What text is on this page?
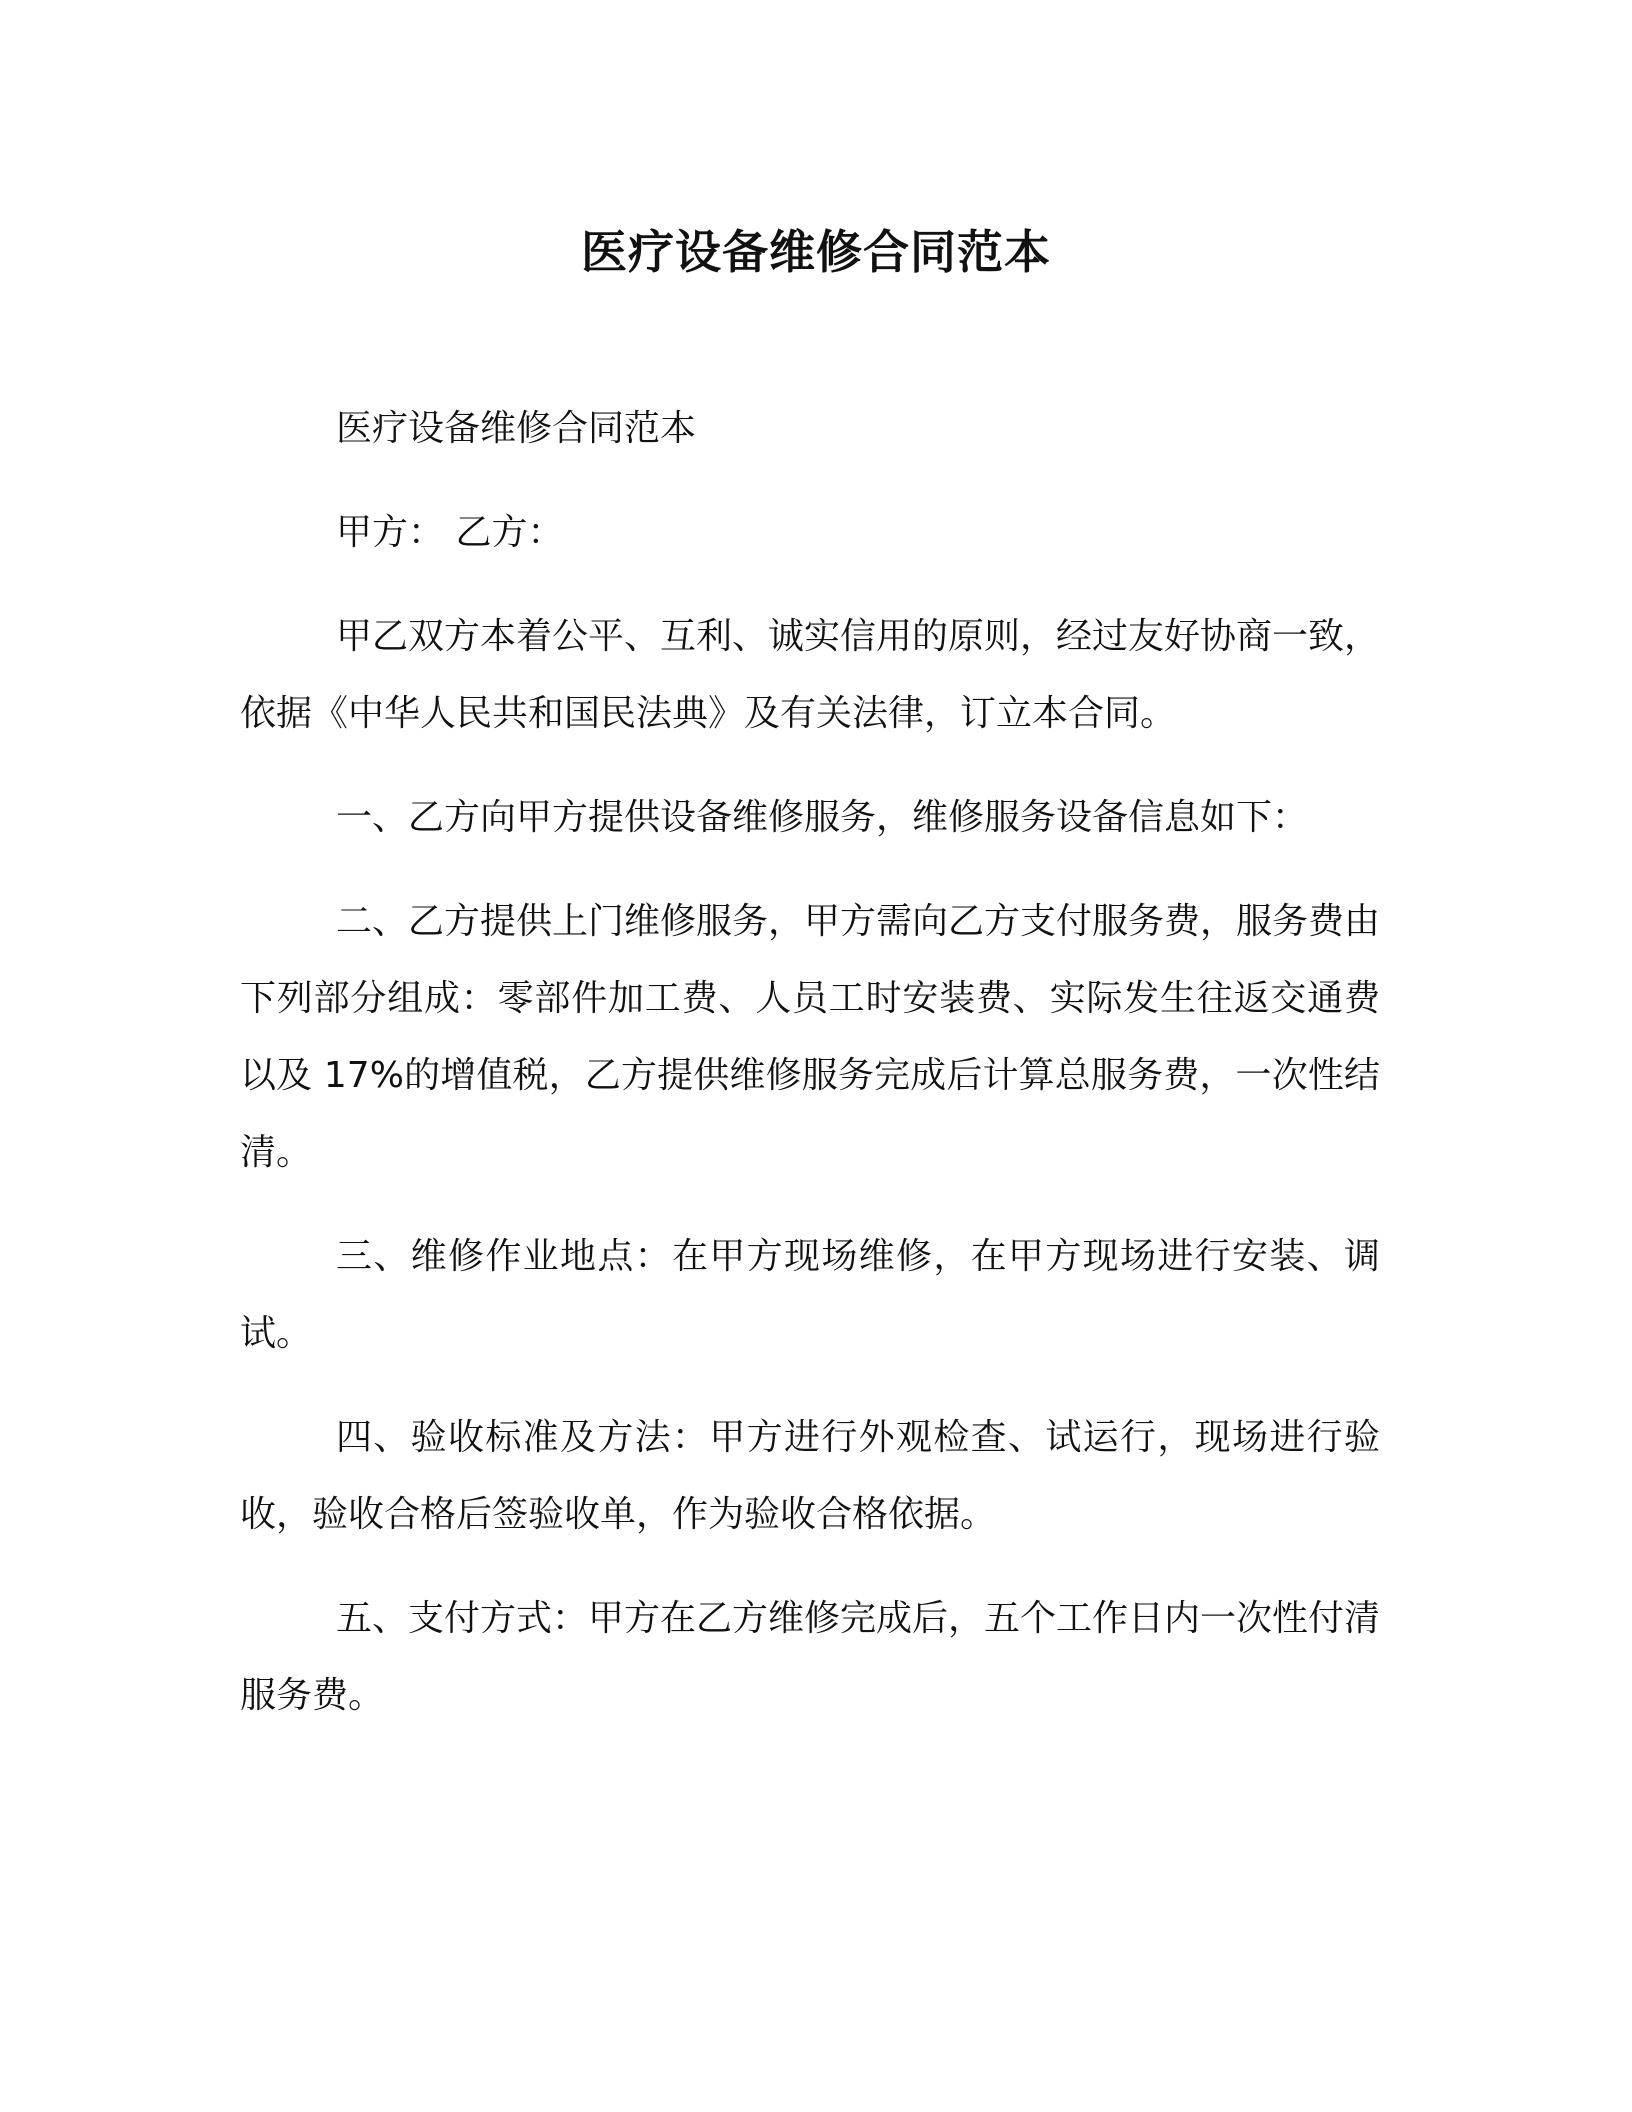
医疗设备维修合同范本

医疗设备维修合同范本

甲方： 乙方：

甲乙双方本着公平、互利、诚实信用的原则，经过友好协商一致，依据《中华人民共和国民法典》及有关法律，订立本合同。

一、乙方向甲方提供设备维修服务，维修服务设备信息如下：

二、乙方提供上门维修服务，甲方需向乙方支付服务费，服务费由下列部分组成：零部件加工费、人员工时安装费、实际发生往返交通费以及 17%的增值税，乙方提供维修服务完成后计算总服务费，一次性结清。

三、维修作业地点：在甲方现场维修，在甲方现场进行安装、调试。

四、验收标准及方法：甲方进行外观检查、试运行，现场进行验收，验收合格后签验收单，作为验收合格依据。

五、支付方式：甲方在乙方维修完成后，五个工作日内一次性付清服务费。
